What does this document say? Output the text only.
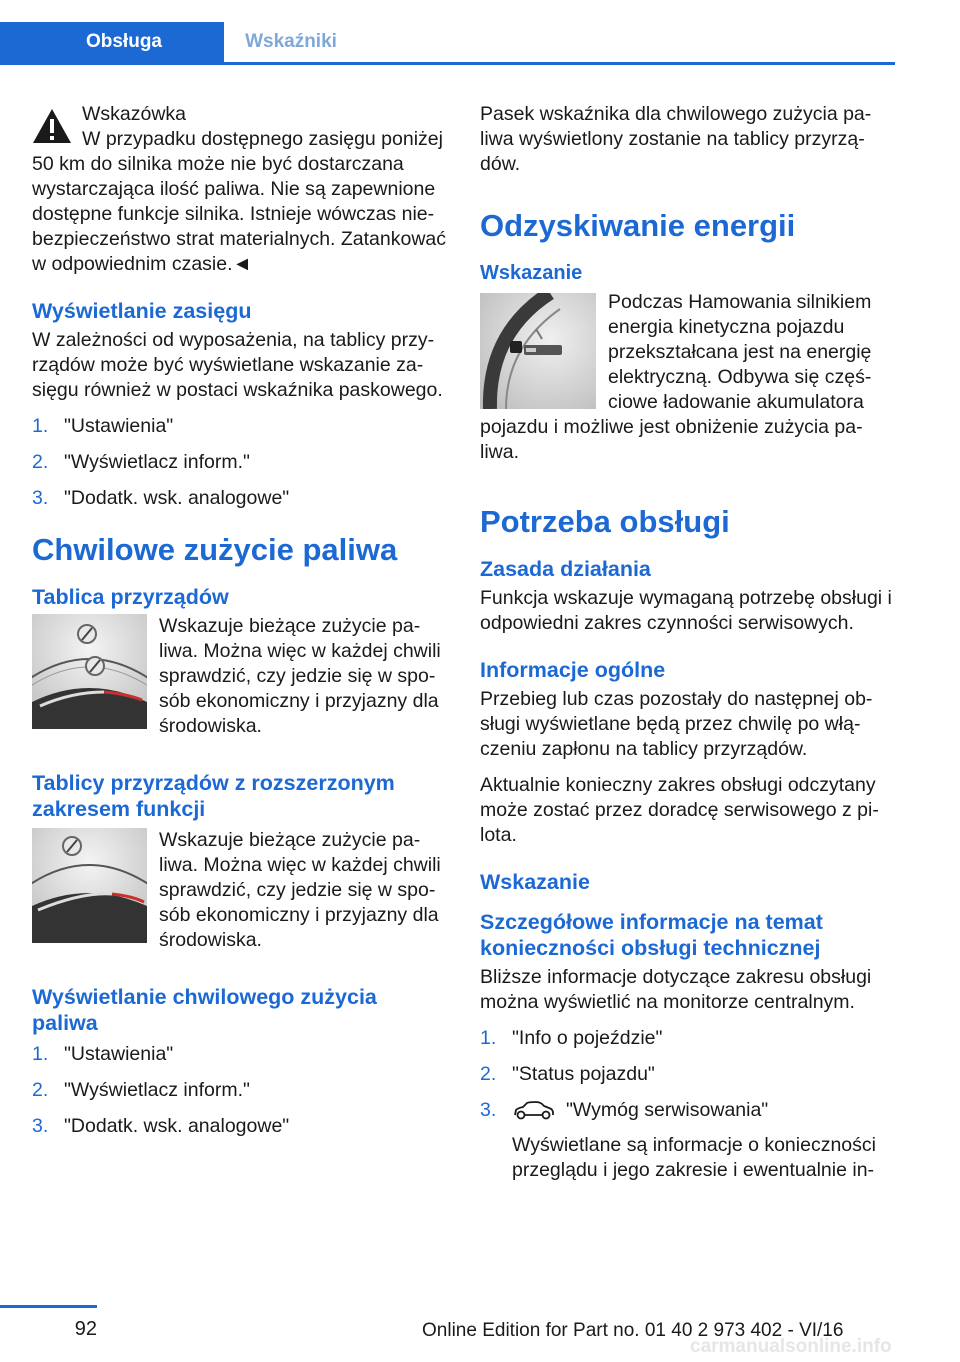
Obsługa	Wskaźniki

Wskazówka

W przypadku dostępnego zasięgu poniżej 50 km do silnika może nie być dostarczana wystarczająca ilość paliwa. Nie są zapewnione dostępne funkcje silnika. Istnieje wówczas niebezpieczeństwo strat materialnych. Zatankować w odpowiednim czasie.◄

Wyświetlanie zasięgu

W zależności od wyposażenia, na tablicy przyrządów może być wyświetlane wskazanie zasięgu również w postaci wskaźnika paskowego.

1. "Ustawienia"
2. "Wyświetlacz inform."
3. "Dodatk. wsk. analogowe"
Chwilowe zużycie paliwa
Tablica przyrządów

Wskazuje bieżące zużycie paliwa. Można więc w każdej chwili sprawdzić, czy jedzie się w sposób ekonomiczny i przyjazny dla środowiska.

Tablicy przyrządów z rozszerzonym zakresem funkcji

Wskazuje bieżące zużycie paliwa. Można więc w każdej chwili sprawdzić, czy jedzie się w sposób ekonomiczny i przyjazny dla środowiska.

Wyświetlanie chwilowego zużycia paliwa
1. "Ustawienia"
2. "Wyświetlacz inform."
3. "Dodatk. wsk. analogowe"

Pasek wskaźnika dla chwilowego zużycia paliwa wyświetlony zostanie na tablicy przyrządów.

Odzyskiwanie energii
Wskazanie

Podczas Hamowania silnikiem energia kinetyczna pojazdu przekształcana jest na energię elektryczną. Odbywa się częściowe ładowanie akumulatora pojazdu i możliwe jest obniżenie zużycia paliwa.

Potrzeba obsługi
Zasada działania

Funkcja wskazuje wymaganą potrzebę obsługi i odpowiedni zakres czynności serwisowych.

Informacje ogólne

Przebieg lub czas pozostały do następnej obsługi wyświetlane będą przez chwilę po włączeniu zapłonu na tablicy przyrządów.

Aktualnie konieczny zakres obsługi odczytany może zostać przez doradcę serwisowego z pilota.

Wskazanie
Szczegółowe informacje na temat konieczności obsługi technicznej

Bliższe informacje dotyczące zakresu obsługi można wyświetlić na monitorze centralnym.

1. "Info o pojeździe"
2. "Status pojazdu"
3.	"Wymóg serwisowania"
Wyświetlane są informacje o konieczności przeglądu i jego zakresie i ewentualnie in-
92	Online Edition for Part no. 01 40 2 973 402 - VI/16
carmanualsonline.info
